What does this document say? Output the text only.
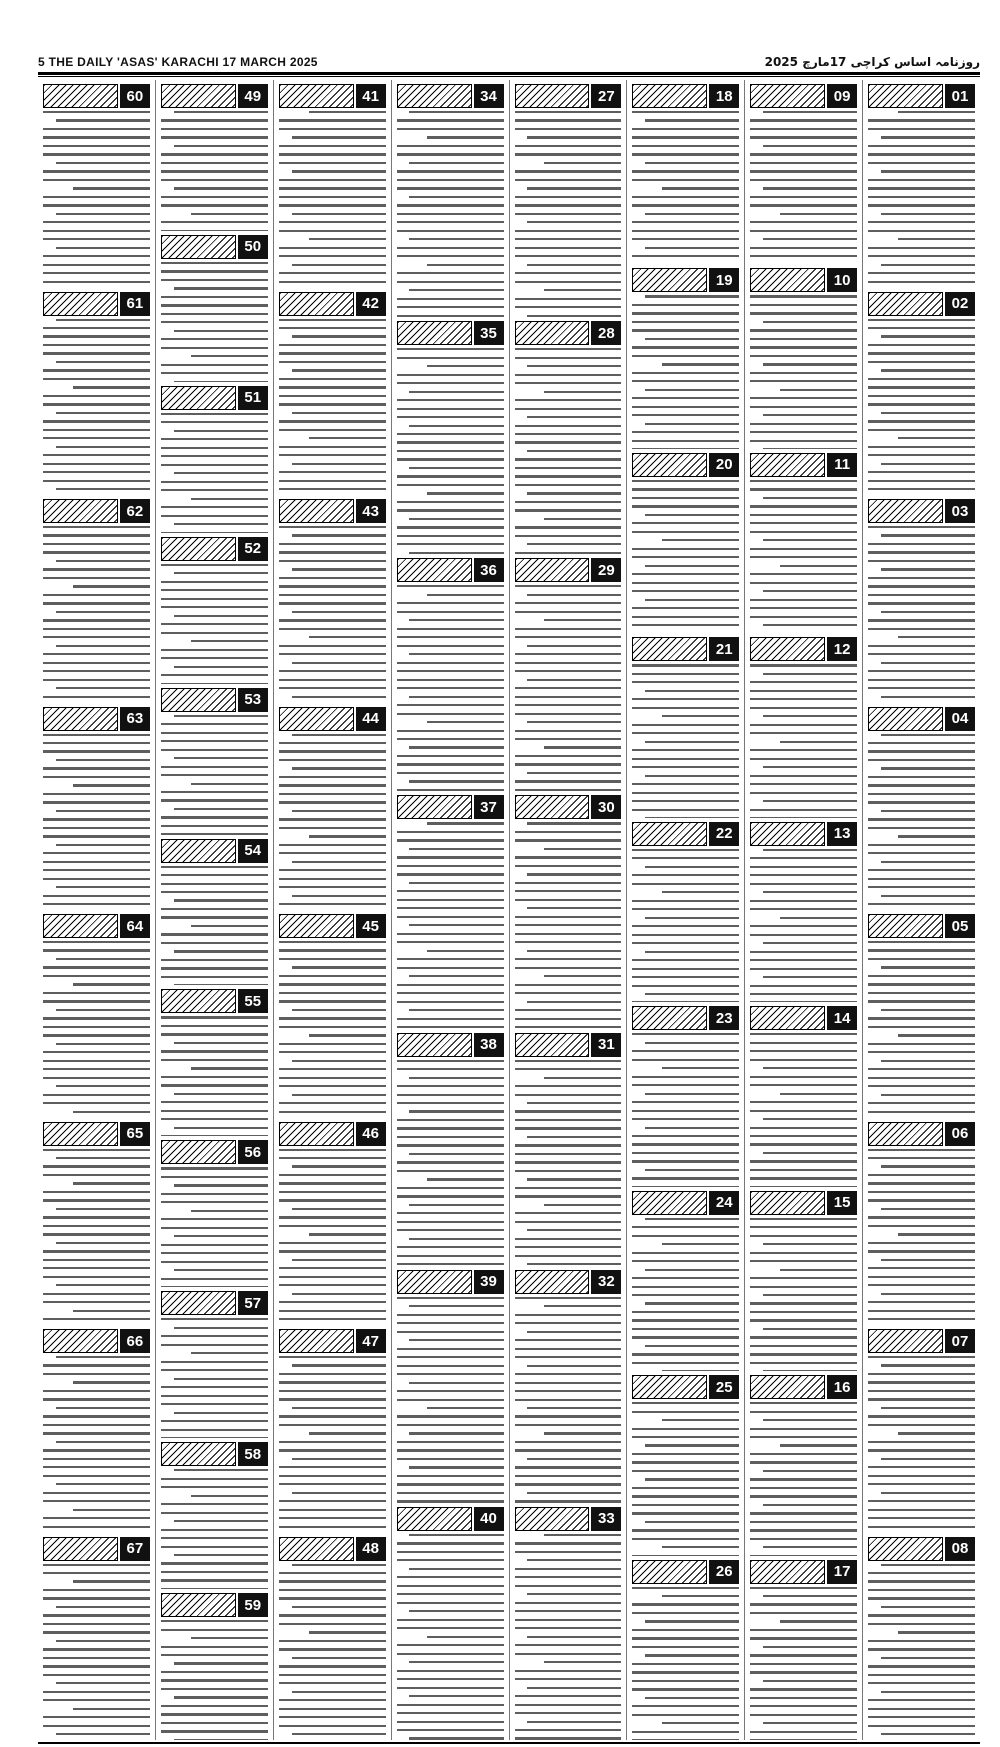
5 THE DAILY 'ASAS' KARACHI 17 MARCH 2025	روزنامہ اساس کراچی 17مارچ 2025
01
02
03
04
05
06
07
08
09
10
11
12
13
14
15
16
17
18
19
20
21
22
23
24
25
26
27
28
29
30
31
32
33
34
35
36
37
38
39
40
41
42
43
44
45
46
47
48
49
50
51
52
53
54
55
56
57
58
59
60
61
62
63
64
65
66
67
